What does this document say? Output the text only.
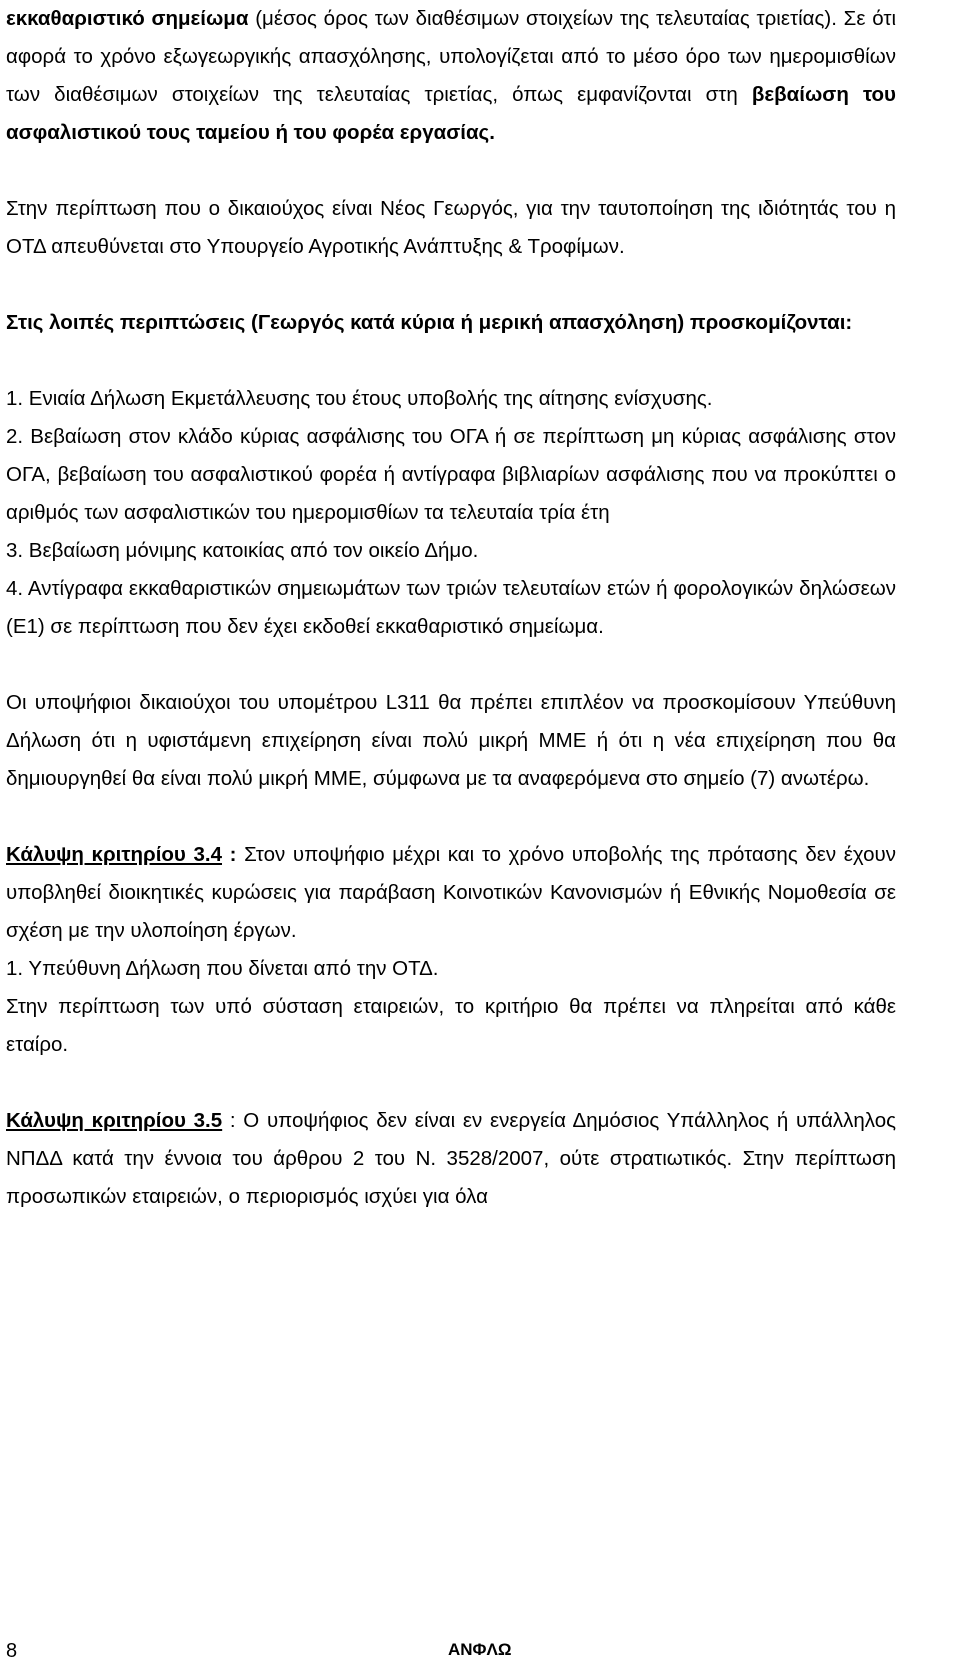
εκκαθαριστικό σημείωμα (μέσος όρος των διαθέσιμων στοιχείων της τελευταίας τριετίας). Σε ότι αφορά το χρόνο εξωγεωργικής απασχόλησης, υπολογίζεται από το μέσο όρο των ημερομισθίων των διαθέσιμων στοιχείων της τελευταίας τριετίας, όπως εμφανίζονται στη βεβαίωση του ασφαλιστικού τους ταμείου ή του φορέα εργασίας.

Στην περίπτωση που ο δικαιούχος είναι Νέος Γεωργός, για την ταυτοποίηση της ιδιότητάς του η ΟΤΔ απευθύνεται στο Υπουργείο Αγροτικής Ανάπτυξης & Τροφίμων.

Στις λοιπές περιπτώσεις (Γεωργός κατά κύρια ή μερική απασχόληση) προσκομίζονται:

1. Ενιαία Δήλωση Εκμετάλλευσης του έτους υποβολής της αίτησης ενίσχυσης.

2. Βεβαίωση στον κλάδο κύριας ασφάλισης του ΟΓΑ ή σε περίπτωση μη κύριας ασφάλισης στον ΟΓΑ, βεβαίωση του ασφαλιστικού φορέα ή αντίγραφα βιβλιαρίων ασφάλισης που να προκύπτει ο αριθμός των ασφαλιστικών του ημερομισθίων τα τελευταία τρία έτη

3. Βεβαίωση μόνιμης κατοικίας από τον οικείο Δήμο.

4. Αντίγραφα εκκαθαριστικών σημειωμάτων των τριών τελευταίων ετών ή φορολογικών δηλώσεων (Ε1) σε περίπτωση που δεν έχει εκδοθεί εκκαθαριστικό σημείωμα.

Οι υποψήφιοι δικαιούχοι του υπομέτρου L311 θα πρέπει επιπλέον να προσκομίσουν Υπεύθυνη Δήλωση ότι η υφιστάμενη επιχείρηση είναι πολύ μικρή ΜΜΕ ή ότι η νέα επιχείρηση που θα δημιουργηθεί θα είναι πολύ μικρή ΜΜΕ, σύμφωνα με τα αναφερόμενα στο σημείο (7) ανωτέρω.

Κάλυψη κριτηρίου 3.4 : Στον υποψήφιο μέχρι και το χρόνο υποβολής της πρότασης δεν έχουν υποβληθεί διοικητικές κυρώσεις για παράβαση Κοινοτικών Κανονισμών ή Εθνικής Νομοθεσία σε σχέση με την υλοποίηση έργων.

1. Υπεύθυνη Δήλωση που δίνεται από την ΟΤΔ.

Στην περίπτωση των υπό σύσταση εταιρειών, το κριτήριο θα πρέπει να πληρείται από κάθε εταίρο.

Κάλυψη κριτηρίου 3.5 : Ο υποψήφιος δεν είναι εν ενεργεία Δημόσιος Υπάλληλος ή υπάλληλος ΝΠΔΔ κατά την έννοια του άρθρου 2 του Ν. 3528/2007, ούτε στρατιωτικός. Στην περίπτωση προσωπικών εταιρειών, ο περιορισμός ισχύει για όλα

8	ΑΝΦΛΩ
